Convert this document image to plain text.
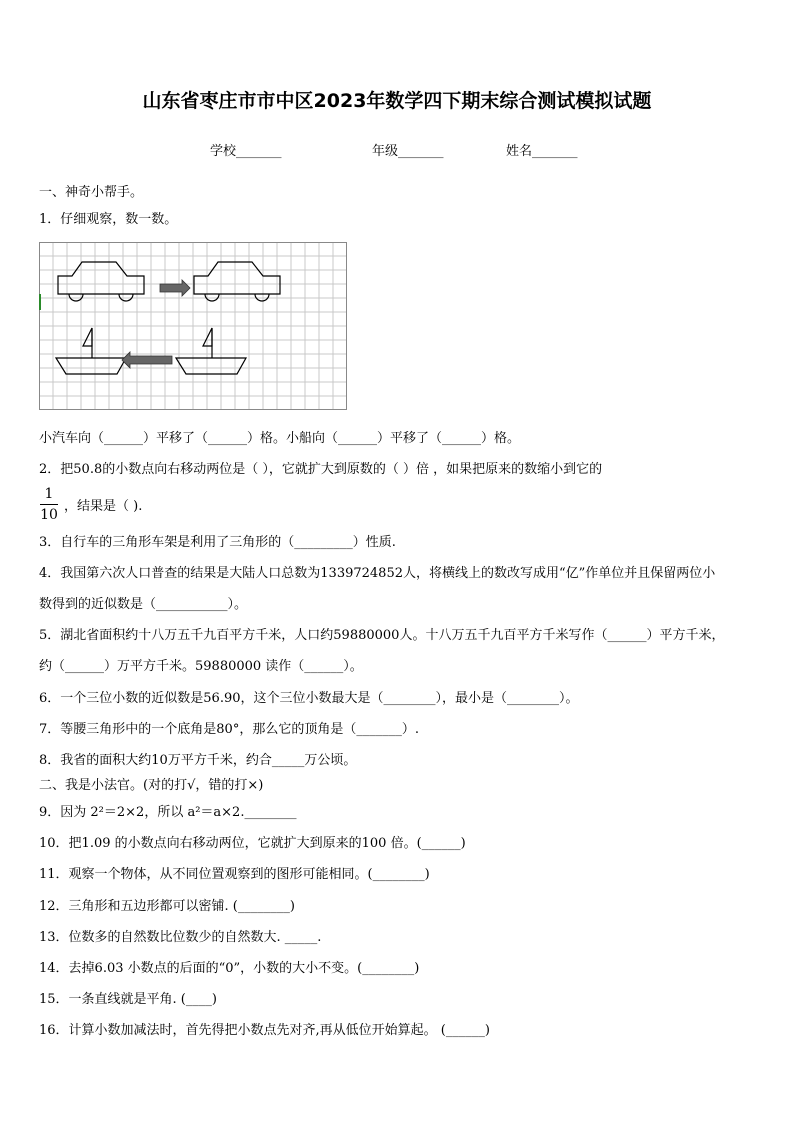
山东省枣庄市市中区2023年数学四下期末综合测试模拟试题
学校_______	年级_______	姓名_______
一、神奇小帮手。
1．仔细观察，数一数。
小汽车向（______）平移了（______）格。小船向（______）平移了（______）格。
2．把50.8的小数点向右移动两位是（ ），它就扩大到原数的（ ）倍 ，如果把原来的数缩小到它的
1
10
，结果是（ ).
3．自行车的三角形车架是利用了三角形的（_________）性质.
4．我国第六次人口普查的结果是大陆人口总数为1339724852人，将横线上的数改写成用“亿”作单位并且保留两位小
数得到的近似数是（___________）。
5．湖北省面积约十八万五千九百平方千米，人口约59880000人。十八万五千九百平方千米写作（______）平方千米，
约（______）万平方千米。59880000 读作（______）。
6．一个三位小数的近似数是56.90，这个三位小数最大是（________），最小是（________）。
7．等腰三角形中的一个底角是80°，那么它的顶角是（_______）.
8．我省的面积大约10万平方千米，约合_____万公顷。
二、我是小法官。(对的打√，错的打×)
9．因为 2²＝2×2，所以 a²＝a×2.________
10．把1.09 的小数点向右移动两位，它就扩大到原来的100 倍。(______)
11．观察一个物体，从不同位置观察到的图形可能相同。(________)
12．三角形和五边形都可以密铺. (________)
13．位数多的自然数比位数少的自然数大. _____.
14．去掉6.03 小数点的后面的“0”，小数的大小不变。(________)
15．一条直线就是平角. (____)
16．计算小数加减法时，首先得把小数点先对齐,再从低位开始算起。 (______)
